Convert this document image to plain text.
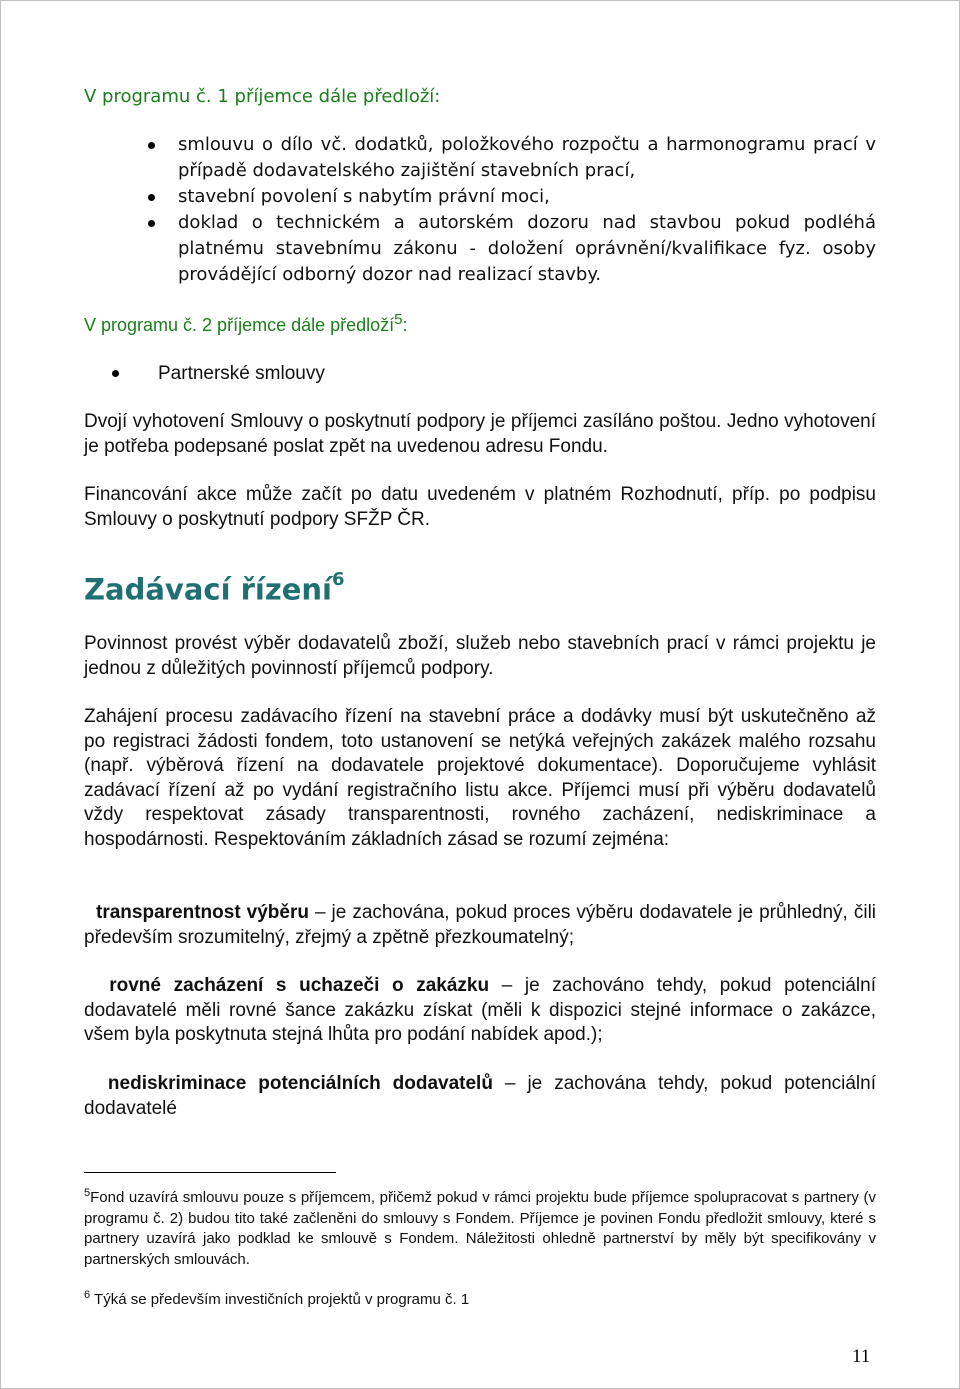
V programu č. 1 příjemce dále předloží:
smlouvu o dílo vč. dodatků, položkového rozpočtu a harmonogramu prací v případě dodavatelského zajištění stavebních prací,
stavební povolení s nabytím právní moci,
doklad o technickém a autorském dozoru nad stavbou pokud podléhá platnému stavebnímu zákonu - doložení oprávnění/kvalifikace fyz. osoby provádějící odborný dozor nad realizací stavby.
V programu č. 2 příjemce dále předloží$^5$:
Partnerské smlouvy
Dvojí vyhotovení Smlouvy o poskytnutí podpory je příjemci zasíláno poštou. Jedno vyhotovení je potřeba podepsané poslat zpět na uvedenou adresu Fondu.
Financování akce může začít po datu uvedeném v platném Rozhodnutí, příp. po podpisu Smlouvy o poskytnutí podpory SFŽP ČR.
Zadávací řízení$^6$
Povinnost provést výběr dodavatelů zboží, služeb nebo stavebních prací v rámci projektu je jednou z důležitých povinností příjemců podpory.
Zahájení procesu zadávacího řízení na stavební práce a dodávky musí být uskutečněno až po registraci žádosti fondem, toto ustanovení se netýká veřejných zakázek malého rozsahu (např. výběrová řízení na dodavatele projektové dokumentace). Doporučujeme vyhlásit zadávací řízení až po vydání registračního listu akce. Příjemci musí při výběru dodavatelů vždy respektovat zásady transparentnosti, rovného zacházení, nediskriminace a hospodárnosti. Respektováním základních zásad se rozumí zejména:
transparentnost výběru – je zachována, pokud proces výběru dodavatele je průhledný, čili především srozumitelný, zřejmý a zpětně přezkoumatelný;
rovné zacházení s uchazeči o zakázku – je zachováno tehdy, pokud potenciální dodavatelé měli rovné šance zakázku získat (měli k dispozici stejné informace o zakázce, všem byla poskytnuta stejná lhůta pro podání nabídek apod.);
nediskriminace potenciálních dodavatelů – je zachována tehdy, pokud potenciální dodavatelé
$^5$Fond uzavírá smlouvu pouze s příjemcem, přičemž pokud v rámci projektu bude příjemce spolupracovat s partnery (v programu č. 2) budou tito také začleněni do smlouvy s Fondem. Příjemce je povinen Fondu předložit smlouvy, které s partnery uzavírá jako podklad ke smlouvě s Fondem. Náležitosti ohledně partnerství by měly být specifikovány v partnerských smlouvách.
$^6$ Týká se především investičních projektů v programu č. 1
11
